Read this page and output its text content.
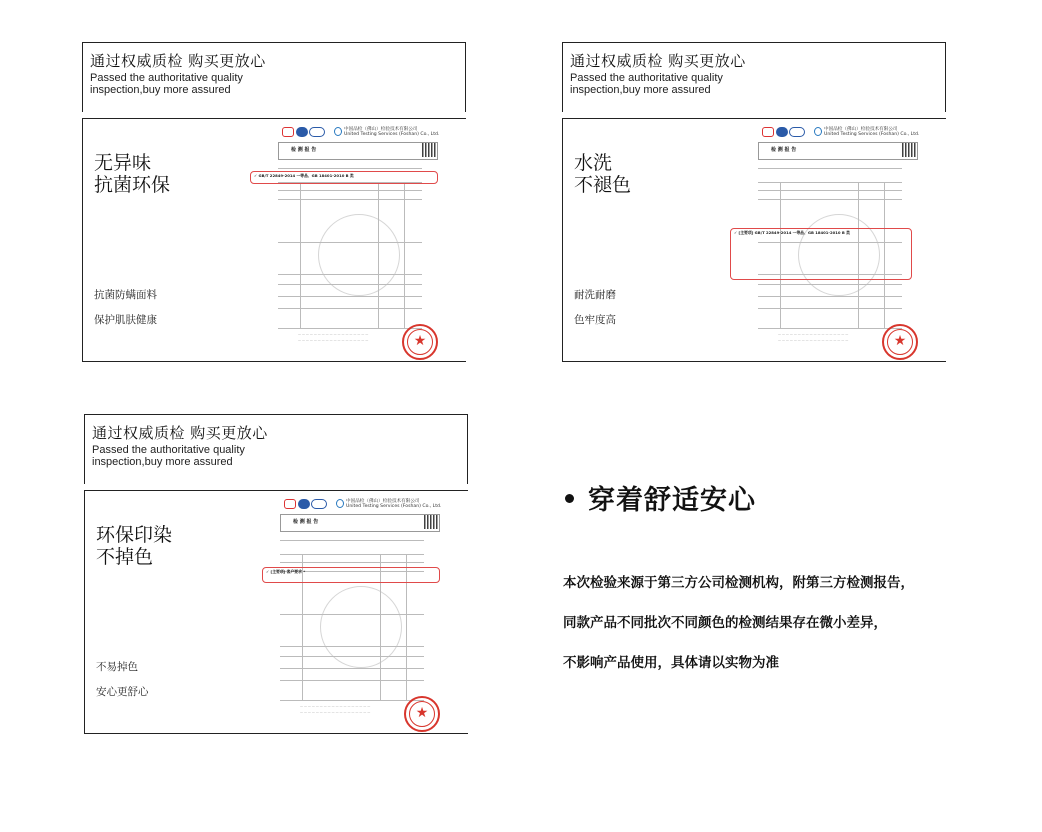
通过权威质检 购买更放心
Passed the authoritative quality
inspection,buy more assured
无异味
抗菌环保
抗菌防螨面料
保护肌肤健康
中国品检（佛山）检验技术有限公司
United Testing Services (Foshan) Co., Ltd.
检 测 报 告
— — — — — — — — — — — — — — — — — —
— — — — — — — — — — — — — — — — — —	★
✓ GB/T 22849-2014 一等品、GB 18401-2010 B 类
通过权威质检 购买更放心
Passed the authoritative quality
inspection,buy more assured
水洗
不褪色
耐洗耐磨
色牢度高
中国品检（佛山）检验技术有限公司
United Testing Services (Foshan) Co., Ltd.
检 测 报 告
— — — — — — — — — — — — — — — — — —
— — — — — — — — — — — — — — — — — —	★
✓ [主要项] GB/T 22849-2014 一等品、GB 18401-2010 B 类
通过权威质检 购买更放心
Passed the authoritative quality
inspection,buy more assured
环保印染
不掉色
不易掉色
安心更舒心
中国品检（佛山）检验技术有限公司
United Testing Services (Foshan) Co., Ltd.
检 测 报 告
— — — — — — — — — — — — — — — — — —
— — — — — — — — — — — — — — — — — —	★
✓ [主要项] 客户要求 *
穿着舒适安心
本次检验来源于第三方公司检测机构，附第三方检测报告，
同款产品不同批次不同颜色的检测结果存在微小差异，
不影响产品使用，具体请以实物为准
